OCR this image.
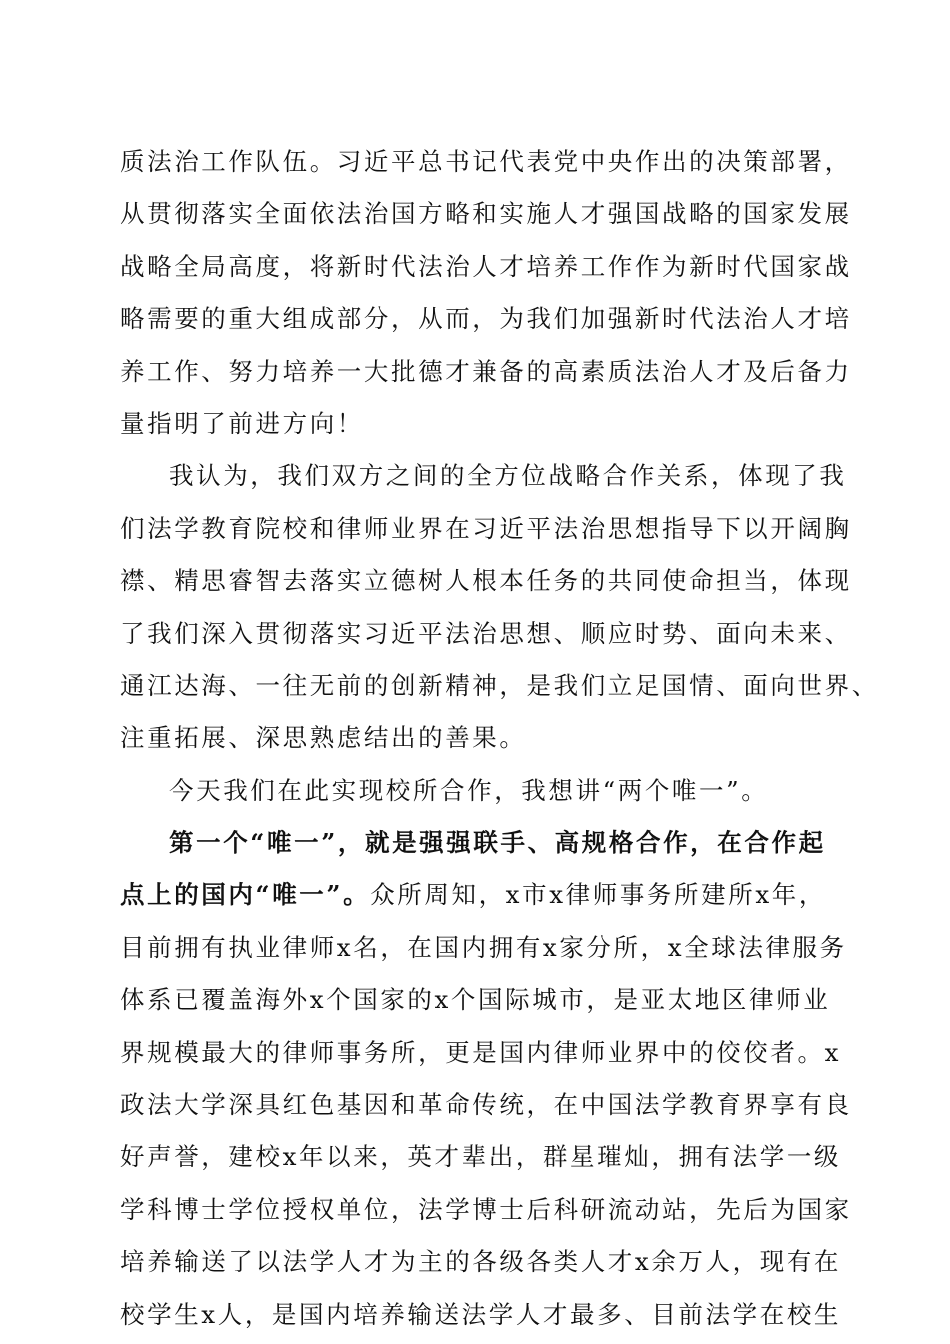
质法治工作队伍。习近平总书记代表党中央作出的决策部署，
从贯彻落实全面依法治国方略和实施人才强国战略的国家发展
战略全局高度，将新时代法治人才培养工作作为新时代国家战
略需要的重大组成部分，从而，为我们加强新时代法治人才培
养工作、努力培养一大批德才兼备的高素质法治人才及后备力
量指明了前进方向！
我认为，我们双方之间的全方位战略合作关系，体现了我
们法学教育院校和律师业界在习近平法治思想指导下以开阔胸
襟、精思睿智去落实立德树人根本任务的共同使命担当，体现
了我们深入贯彻落实习近平法治思想、顺应时势、面向未来、
通江达海、一往无前的创新精神，是我们立足国情、面向世界、
注重拓展、深思熟虑结出的善果。
今天我们在此实现校所合作，我想讲“两个唯一”。
第一个“唯一”，就是强强联手、高规格合作，在合作起
点上的国内“唯一”。众所周知，x市x律师事务所建所x年，
目前拥有执业律师x名，在国内拥有x家分所，x全球法律服务
体系已覆盖海外x个国家的x个国际城市，是亚太地区律师业
界规模最大的律师事务所，更是国内律师业界中的佼佼者。x
政法大学深具红色基因和革命传统，在中国法学教育界享有良
好声誉，建校x年以来，英才辈出，群星璀灿，拥有法学一级
学科博士学位授权单位，法学博士后科研流动站，先后为国家
培养输送了以法学人才为主的各级各类人才x余万人，现有在
校学生x人，是国内培养输送法学人才最多、目前法学在校生
